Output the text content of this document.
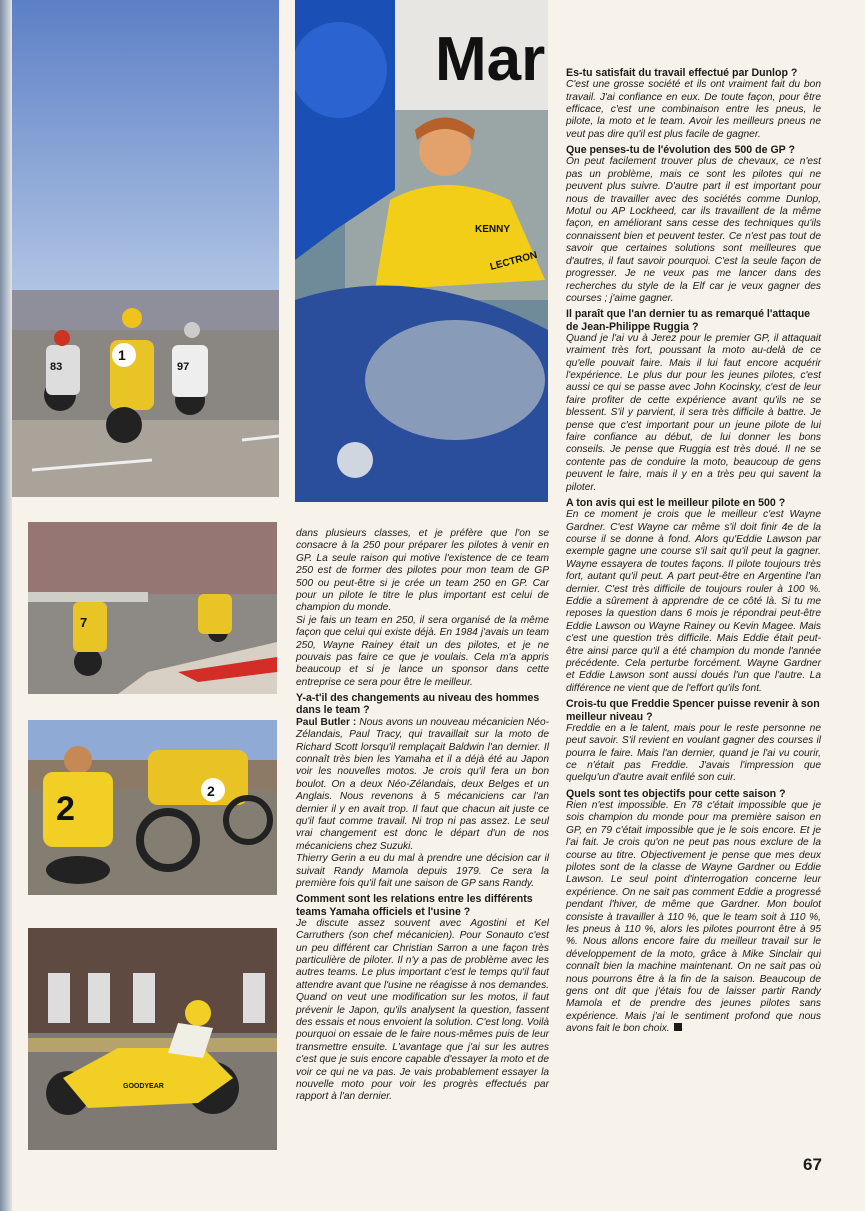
1
83	97
Mar
KENNY
LECTRON
7
2	2
GOODYEAR

dans plusieurs classes, et je préfère que l'on se consacre à la 250 pour préparer les pilotes à venir en GP. La seule raison qui motive l'existence de ce team 250 est de former des pilotes pour mon team de GP 500 ou peut-être si je crée un team 250 en GP. Car pour un pilote le titre le plus important est celui de champion du monde.

Si je fais un team en 250, il sera organisé de la même façon que celui qui existe déjà. En 1984 j'avais un team 250, Wayne Rainey était un des pilotes, et je ne pouvais pas faire ce que je voulais. Cela m'a appris beaucoup et si je lance un sponsor dans cette entreprise ce sera pour être le meilleur.

Y-a-t'il des changements au niveau des hommes dans le team ?

Paul Butler : Nous avons un nouveau mécanicien Néo-Zélandais, Paul Tracy, qui travaillait sur la moto de Richard Scott lorsqu'il remplaçait Baldwin l'an dernier. Il connaît très bien les Yamaha et il a déjà été au Japon voir les nouvelles motos. Je crois qu'il fera un bon boulot. On a deux Néo-Zélandais, deux Belges et un Anglais. Nous revenons à 5 mécaniciens car l'an dernier il y en avait trop. Il faut que chacun ait juste ce qu'il faut comme travail. Ni trop ni pas assez. Le seul vrai changement est donc le départ d'un de nos mécaniciens chez Suzuki.

Thierry Gerin a eu du mal à prendre une décision car il suivait Randy Mamola depuis 1979. Ce sera la première fois qu'il fait une saison de GP sans Randy.

Comment sont les relations entre les différents teams Yamaha officiels et l'usine ?

Je discute assez souvent avec Agostini et Kel Carruthers (son chef mécanicien). Pour Sonauto c'est un peu différent car Christian Sarron a une façon très particulière de piloter. Il n'y a pas de problème avec les autres teams. Le plus important c'est le temps qu'il faut attendre avant que l'usine ne réagisse à nos demandes. Quand on veut une modification sur les motos, il faut prévenir le Japon, qu'ils analysent la question, fassent des essais et nous envoient la solution. C'est long. Voilà pourquoi on essaie de le faire nous-mêmes puis de leur transmettre ensuite. L'avantage que j'ai sur les autres c'est que je suis encore capable d'essayer la moto et de voir ce qui ne va pas. Je vais probablement essayer la nouvelle moto pour voir les progrès effectués par rapport à l'an dernier.

Es-tu satisfait du travail effectué par Dunlop ?

C'est une grosse société et ils ont vraiment fait du bon travail. J'ai confiance en eux. De toute façon, pour être efficace, c'est une combinaison entre les pneus, le pilote, la moto et le team. Avoir les meilleurs pneus ne veut pas dire qu'il est plus facile de gagner.

Que penses-tu de l'évolution des 500 de GP ?

On peut facilement trouver plus de chevaux, ce n'est pas un problème, mais ce sont les pilotes qui ne peuvent plus suivre. D'autre part il est important pour nous de travailler avec des sociétés comme Dunlop, Motul ou AP Lockheed, car ils travaillent de la même façon, en améliorant sans cesse des techniques qu'ils connaissent bien et peuvent tester. Ce n'est pas tout de savoir que certaines solutions sont meilleures que d'autres, il faut savoir pourquoi. C'est la seule façon de progresser. Je ne veux pas me lancer dans des recherches du style de la Elf car je veux gagner des courses ; j'aime gagner.

Il paraît que l'an dernier tu as remarqué l'attaque de Jean-Philippe Ruggia ?

Quand je l'ai vu à Jerez pour le premier GP, il attaquait vraiment très fort, poussant la moto au-delà de ce qu'elle pouvait faire. Mais il lui faut encore acquérir l'expérience. Le plus dur pour les jeunes pilotes, c'est aussi ce qui se passe avec John Kocinsky, c'est de leur faire profiter de cette expérience avant qu'ils ne se blessent. S'il y parvient, il sera très difficile à battre. Je pense que c'est important pour un jeune pilote de lui faire confiance au début, de lui donner les bons conseils. Je pense que Ruggia est très doué. Il ne se contente pas de conduire la moto, beaucoup de gens peuvent le faire, mais il y en a très peu qui savent la piloter.

A ton avis qui est le meilleur pilote en 500 ?

En ce moment je crois que le meilleur c'est Wayne Gardner. C'est Wayne car même s'il doit finir 4e de la course il se donne à fond. Alors qu'Eddie Lawson par exemple gagne une course s'il sait qu'il peut la gagner. Wayne essayera de toutes façons. Il pilote toujours très fort, autant qu'il peut. A part peut-être en Argentine l'an dernier. C'est très difficile de toujours rouler à 100 %. Eddie a sûrement à apprendre de ce côté là. Si tu me reposes la question dans 6 mois je répondrai peut-être Eddie Lawson ou Wayne Rainey ou Kevin Magee. Mais c'est une question très difficile. Mais Eddie était peut-être ainsi parce qu'il a été champion du monde l'année précédente. Cela perturbe forcément. Wayne Gardner et Eddie Lawson sont aussi doués l'un que l'autre. La différence ne vient que de l'effort qu'ils font.

Crois-tu que Freddie Spencer puisse revenir à son meilleur niveau ?

Freddie en a le talent, mais pour le reste personne ne peut savoir. S'il revient en voulant gagner des courses il pourra le faire. Mais l'an dernier, quand je l'ai vu courir, ce n'était pas Freddie. J'avais l'impression que quelqu'un d'autre avait enfilé son cuir.

Quels sont tes objectifs pour cette saison ?

Rien n'est impossible. En 78 c'était impossible que je sois champion du monde pour ma première saison en GP, en 79 c'était impossible que je le sois encore. Et je l'ai fait. Je crois qu'on ne peut pas nous exclure de la course au titre. Objectivement je pense que mes deux pilotes sont de la classe de Wayne Gardner ou Eddie Lawson. Le seul point d'interrogation concerne leur expérience. On ne sait pas comment Eddie a progressé pendant l'hiver, de même que Gardner. Mon boulot consiste à travailler à 110 %, que le team soit à 110 %, les pneus à 110 %, alors les pilotes pourront être à 95 %. Nous allons encore faire du meilleur travail sur le développement de la moto, grâce à Mike Sinclair qui connaît bien la machine maintenant. On ne sait pas où nous pourrons être à la fin de la saison. Beaucoup de gens ont dit que j'étais fou de laisser partir Randy Mamola et de prendre des jeunes pilotes sans expérience. Mais j'ai le sentiment profond que nous avons fait le bon choix.

67
